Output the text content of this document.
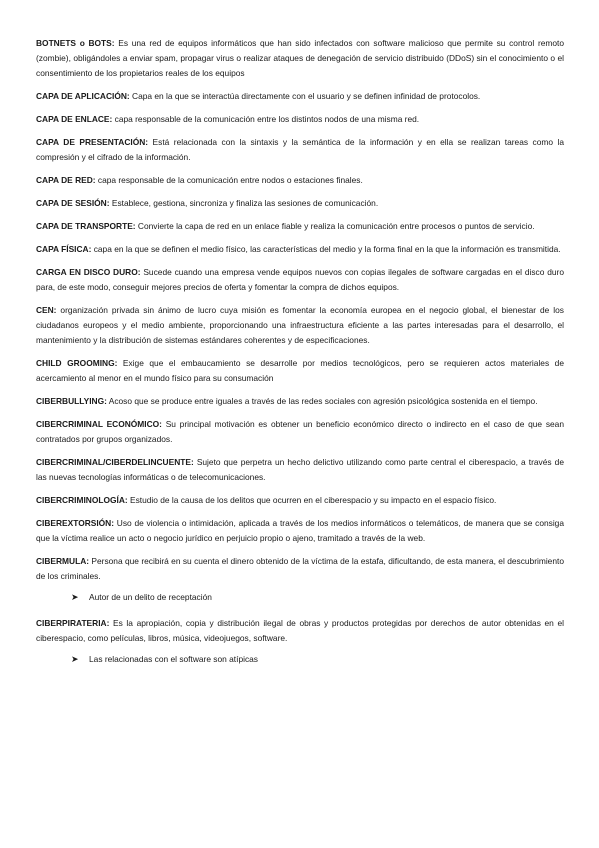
BOTNETS o BOTS: Es una red de equipos informáticos que han sido infectados con software malicioso que permite su control remoto (zombie), obligándoles a enviar spam, propagar virus o realizar ataques de denegación de servicio distribuido (DDoS) sin el conocimiento o el consentimiento de los propietarios reales de los equipos

CAPA DE APLICACIÓN: Capa en la que se interactúa directamente con el usuario y se definen infinidad de protocolos.

CAPA DE ENLACE: capa responsable de la comunicación entre los distintos nodos de una misma red.

CAPA DE PRESENTACIÓN: Está relacionada con la sintaxis y la semántica de la información y en ella se realizan tareas como la compresión y el cifrado de la información.

CAPA DE RED: capa responsable de la comunicación entre nodos o estaciones finales.

CAPA DE SESIÓN: Establece, gestiona, sincroniza y finaliza las sesiones de comunicación.

CAPA DE TRANSPORTE: Convierte la capa de red en un enlace fiable y realiza la comunicación entre procesos o puntos de servicio.

CAPA FÍSICA: capa en la que se definen el medio físico, las características del medio y la forma final en la que la información es transmitida.

CARGA EN DISCO DURO: Sucede cuando una empresa vende equipos nuevos con copias ilegales de software cargadas en el disco duro para, de este modo, conseguir mejores precios de oferta y fomentar la compra de dichos equipos.

CEN: organización privada sin ánimo de lucro cuya misión es fomentar la economía europea en el negocio global, el bienestar de los ciudadanos europeos y el medio ambiente, proporcionando una infraestructura eficiente a las partes interesadas para el desarrollo, el mantenimiento y la distribución de sistemas estándares coherentes y de especificaciones.

CHILD GROOMING: Exige que el embaucamiento se desarrolle por medios tecnológicos, pero se requieren actos materiales de acercamiento al menor en el mundo físico para su consumación

CIBERBULLYING: Acoso que se produce entre iguales a través de las redes sociales con agresión psicológica sostenida en el tiempo.

CIBERCRIMINAL ECONÓMICO: Su principal motivación es obtener un beneficio económico directo o indirecto en el caso de que sean contratados por grupos organizados.

CIBERCRIMINAL/CIBERDELINCUENTE: Sujeto que perpetra un hecho delictivo utilizando como parte central el ciberespacio, a través de las nuevas tecnologías informáticas o de telecomunicaciones.

CIBERCRIMINOLOGÍA: Estudio de la causa de los delitos que ocurren en el ciberespacio y su impacto en el espacio físico.

CIBEREXTORSIÓN: Uso de violencia o intimidación, aplicada a través de los medios informáticos o telemáticos, de manera que se consiga que la víctima realice un acto o negocio jurídico en perjuicio propio o ajeno, tramitado a través de la web.

CIBERMULA: Persona que recibirá en su cuenta el dinero obtenido de la víctima de la estafa, dificultando, de esta manera, el descubrimiento de los criminales.

➤	Autor de un delito de receptación

CIBERPIRATERIA: Es la apropiación, copia y distribución ilegal de obras y productos protegidas por derechos de autor obtenidas en el ciberespacio, como películas, libros, música, videojuegos, software.

➤	Las relacionadas con el software son atípicas
